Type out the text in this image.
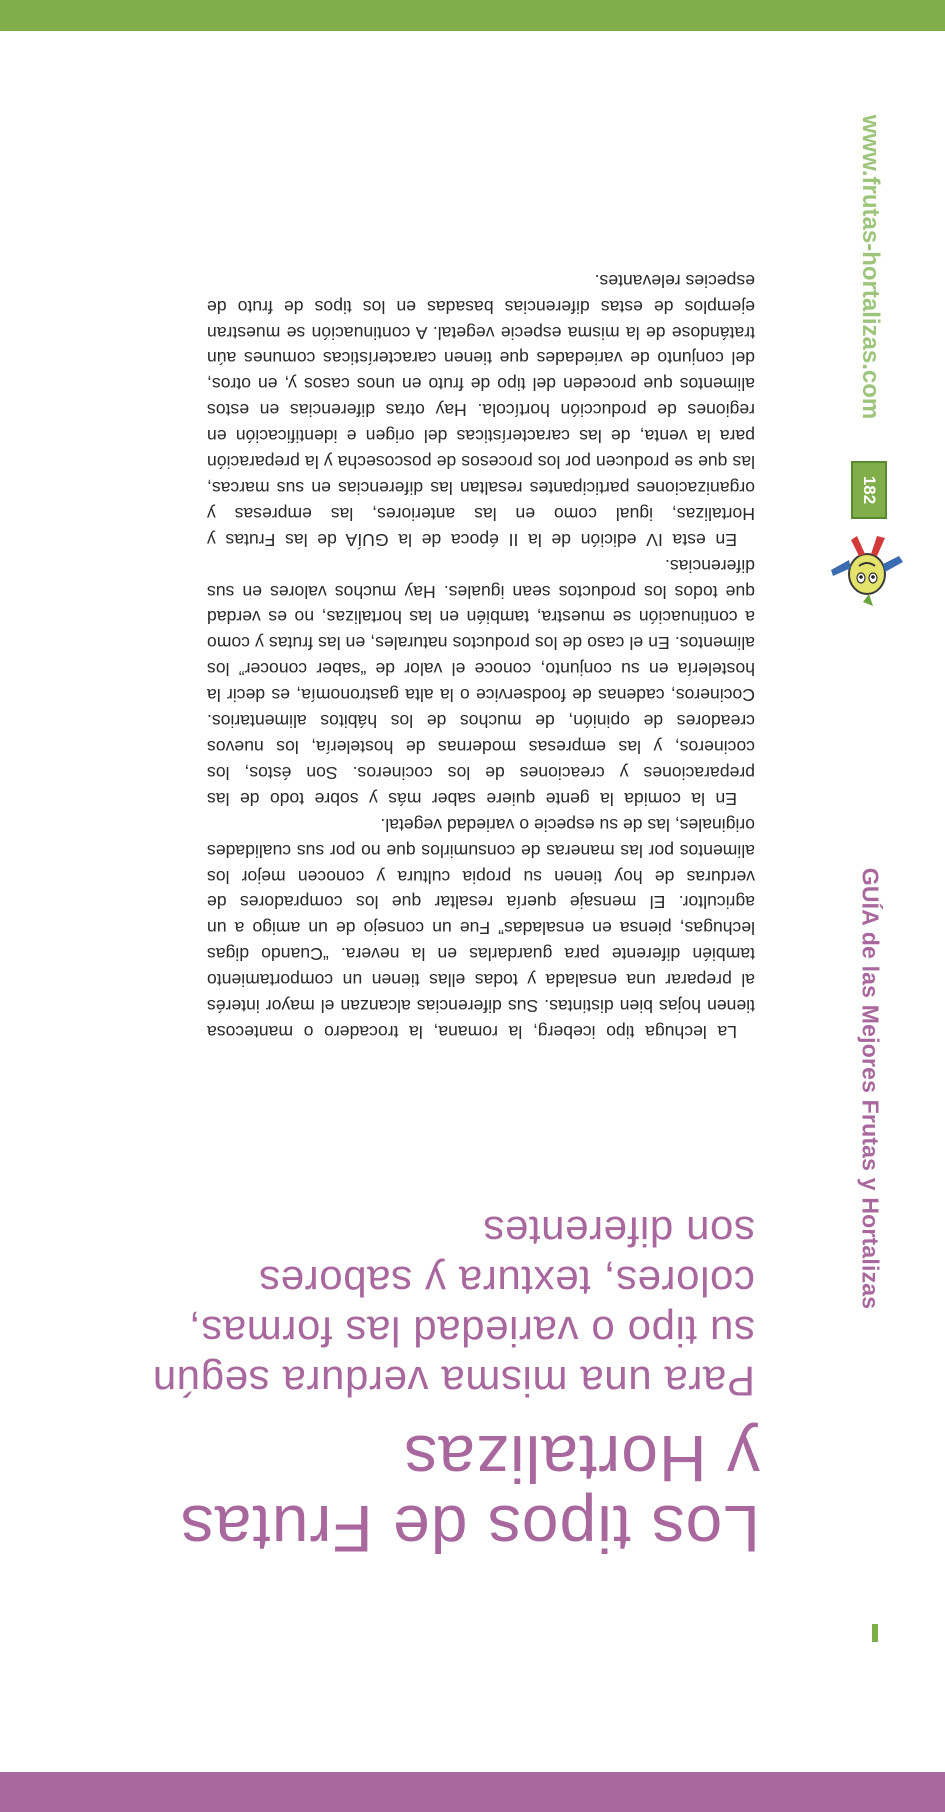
GUÍA de las Mejores Frutas y Hortalizas
182
www.frutas-hortalizas.com
Los tipos de Frutas
y Hortalizas
Para una misma verdura según
su tipo o variedad las formas,
colores, textura y sabores
son diferentes

La lechuga tipo iceberg, la romana, la trocadero o mantecosa tienen hojas bien distintas. Sus diferencias alcanzan el mayor interés al preparar una ensalada y todas ellas tienen un comportamiento también diferente para guardarlas en la nevera. “Cuando digas lechugas, piensa en ensaladas” Fue un consejo de un amigo a un agricultor. El mensaje quería resaltar que los compradores de verduras de hoy tienen su propia cultura y conocen mejor los alimentos por las maneras de consumirlos que no por sus cualidades originales, las de su especie o variedad vegetal.

En la comida la gente quiere saber más y sobre todo de las preparaciones y creaciones de los cocineros. Son éstos, los cocineros, y las empresas modernas de hostelería, los nuevos creadores de opinión, de muchos de los hábitos alimentarios. Cocineros, cadenas de foodservice o la alta gastronomía, es decir la hostelería en su conjunto, conoce el valor de “saber conocer” los alimentos. En el caso de los productos naturales, en las frutas y como a continuación se muestra, también en las hortalizas, no es verdad que todos los productos sean iguales. Hay muchos valores en sus diferencias.

En esta IV edición de la II época de la GUÍA de las Frutas y Hortalizas, igual como en las anteriores, las empresas y organizaciones participantes resaltan las diferencias en sus marcas, las que se producen por los procesos de poscosecha y la preparación para la venta, de las características del origen e identificación en regiones de producción hortícola. Hay otras diferencias en estos alimentos que proceden del tipo de fruto en unos casos y, en otros, del conjunto de variedades que tienen características comunes aún tratándose de la misma especie vegetal. A continuación se muestran ejemplos de estas diferencias basadas en los tipos de fruto de especies relevantes.
